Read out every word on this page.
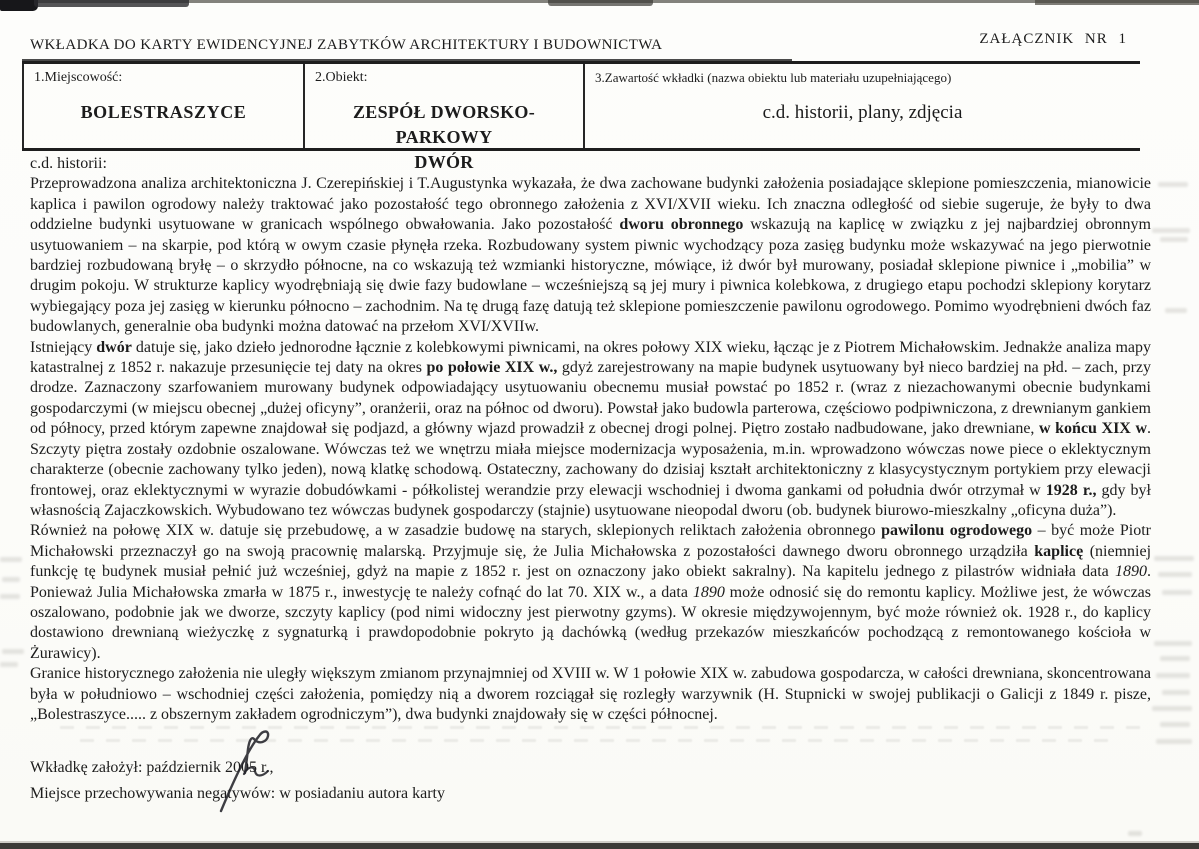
WKŁADKA DO KARTY EWIDENCYJNEJ ZABYTKÓW ARCHITEKTURY I BUDOWNICTWA	ZAŁĄCZNIK NR 1
1.Miejscowość:
BOLESTRASZYCE
2.Obiekt:
ZESPÓŁ DWORSKO-PARKOWY
DWÓR
3.Zawartość wkładki (nazwa obiektu lub materiału uzupełniającego)
c.d. historii, plany, zdjęcia
c.d. historii:
Przeprowadzona analiza architektoniczna J. Czerepińskiej i T.Augustynka wykazała, że dwa zachowane budynki założenia posiadające sklepione pomieszczenia, mianowicie kaplica i pawilon ogrodowy należy traktować jako pozostałość tego obronnego założenia z XVI/XVII wieku. Ich znaczna odległość od siebie sugeruje, że były to dwa oddzielne budynki usytuowane w granicach wspólnego obwałowania. Jako pozostałość dworu obronnego wskazują na kaplicę w związku z jej najbardziej obronnym usytuowaniem – na skarpie, pod którą w owym czasie płynęła rzeka. Rozbudowany system piwnic wychodzący poza zasięg budynku może wskazywać na jego pierwotnie bardziej rozbudowaną bryłę – o skrzydło północne, na co wskazują też wzmianki historyczne, mówiące, iż dwór był murowany, posiadał sklepione piwnice i „mobilia” w drugim pokoju. W strukturze kaplicy wyodrębniają się dwie fazy budowlane – wcześniejszą są jej mury i piwnica kolebkowa, z drugiego etapu pochodzi sklepiony korytarz wybiegający poza jej zasięg w kierunku północno – zachodnim. Na tę drugą fazę datują też sklepione pomieszczenie pawilonu ogrodowego. Pomimo wyodrębnieni dwóch faz budowlanych, generalnie oba budynki można datować na przełom XVI/XVIIw.
Istniejący dwór datuje się, jako dzieło jednorodne łącznie z kolebkowymi piwnicami, na okres połowy XIX wieku, łącząc je z Piotrem Michałowskim. Jednakże analiza mapy katastralnej z 1852 r. nakazuje przesunięcie tej daty na okres po połowie XIX w., gdyż zarejestrowany na mapie budynek usytuowany był nieco bardziej na płd. – zach, przy drodze. Zaznaczony szarfowaniem murowany budynek odpowiadający usytuowaniu obecnemu musiał powstać po 1852 r. (wraz z niezachowanymi obecnie budynkami gospodarczymi (w miejscu obecnej „dużej oficyny”, oranżerii, oraz na północ od dworu). Powstał jako budowla parterowa, częściowo podpiwniczona, z drewnianym gankiem od północy, przed którym zapewne znajdował się podjazd, a główny wjazd prowadził z obecnej drogi polnej. Piętro zostało nadbudowane, jako drewniane, w końcu XIX w. Szczyty piętra zostały ozdobnie oszalowane. Wówczas też we wnętrzu miała miejsce modernizacja wyposażenia, m.in. wprowadzono wówczas nowe piece o eklektycznym charakterze (obecnie zachowany tylko jeden), nową klatkę schodową. Ostateczny, zachowany do dzisiaj kształt architektoniczny z klasycystycznym portykiem przy elewacji frontowej, oraz eklektycznymi w wyrazie dobudówkami - półkolistej werandzie przy elewacji wschodniej i dwoma gankami od południa dwór otrzymał w 1928 r., gdy był własnością Zajaczkowskich. Wybudowano tez wówczas budynek gospodarczy (stajnie) usytuowane nieopodal dworu (ob. budynek biurowo-mieszkalny „oficyna duża”).
Również na połowę XIX w. datuje się przebudowę, a w zasadzie budowę na starych, sklepionych reliktach założenia obronnego pawilonu ogrodowego – być może Piotr Michałowski przeznaczył go na swoją pracownię malarską. Przyjmuje się, że Julia Michałowska z pozostałości dawnego dworu obronnego urządziła kaplicę (niemniej funkcję tę budynek musiał pełnić już wcześniej, gdyż na mapie z 1852 r. jest on oznaczony jako obiekt sakralny). Na kapitelu jednego z pilastrów widniała data 1890. Ponieważ Julia Michałowska zmarła w 1875 r., inwestycję te należy cofnąć do lat 70. XIX w., a data 1890 może odnosić się do remontu kaplicy. Możliwe jest, że wówczas oszalowano, podobnie jak we dworze, szczyty kaplicy (pod nimi widoczny jest pierwotny gzyms). W okresie międzywojennym, być może również ok. 1928 r., do kaplicy dostawiono drewnianą wieżyczkę z sygnaturką i prawdopodobnie pokryto ją dachówką (według przekazów mieszkańców pochodzącą z remontowanego kościoła w Żurawicy).
Granice historycznego założenia nie uległy większym zmianom przynajmniej od XVIII w. W 1 połowie XIX w. zabudowa gospodarcza, w całości drewniana, skoncentrowana była w południowo – wschodniej części założenia, pomiędzy nią a dworem rozciągał się rozległy warzywnik (H. Stupnicki w swojej publikacji o Galicji z 1849 r. pisze, „Bolestraszyce..... z obszernym zakładem ogrodniczym”), dwa budynki znajdowały się w części północnej.
Wkładkę założył: październik 2005 r.,
Miejsce przechowywania negatywów: w posiadaniu autora karty
